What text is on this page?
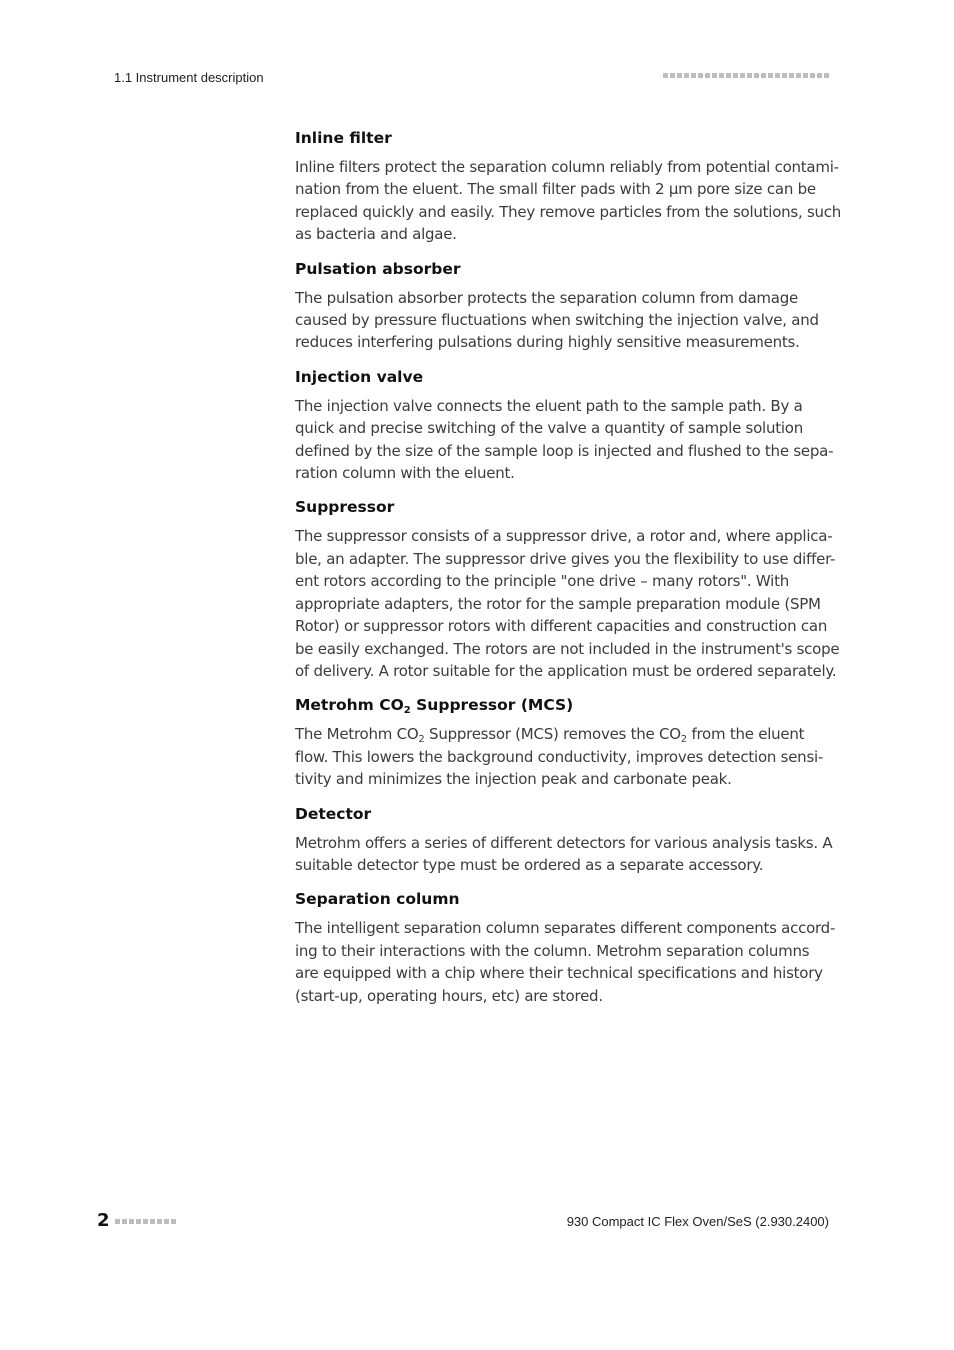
1.1 Instrument description
Inline filter

Inline filters protect the separation column reliably from potential contami-
nation from the eluent. The small filter pads with 2 µm pore size can be
replaced quickly and easily. They remove particles from the solutions, such
as bacteria and algae.

Pulsation absorber

The pulsation absorber protects the separation column from damage
caused by pressure fluctuations when switching the injection valve, and
reduces interfering pulsations during highly sensitive measurements.

Injection valve

The injection valve connects the eluent path to the sample path. By a
quick and precise switching of the valve a quantity of sample solution
defined by the size of the sample loop is injected and flushed to the sepa-
ration column with the eluent.

Suppressor

The suppressor consists of a suppressor drive, a rotor and, where applica-
ble, an adapter. The suppressor drive gives you the flexibility to use differ-
ent rotors according to the principle "one drive – many rotors". With
appropriate adapters, the rotor for the sample preparation module (SPM
Rotor) or suppressor rotors with different capacities and construction can
be easily exchanged. The rotors are not included in the instrument's scope
of delivery. A rotor suitable for the application must be ordered separately.

Metrohm $CO_2$ Suppressor (MCS)

The Metrohm $CO_2$ Suppressor (MCS) removes the $CO_2$ from the eluent
flow. This lowers the background conductivity, improves detection sensi-
tivity and minimizes the injection peak and carbonate peak.

Detector

Metrohm offers a series of different detectors for various analysis tasks. A
suitable detector type must be ordered as a separate accessory.

Separation column

The intelligent separation column separates different components accord-
ing to their interactions with the column. Metrohm separation columns
are equipped with a chip where their technical specifications and history
(start-up, operating hours, etc) are stored.

2	930 Compact IC Flex Oven/SeS (2.930.2400)
